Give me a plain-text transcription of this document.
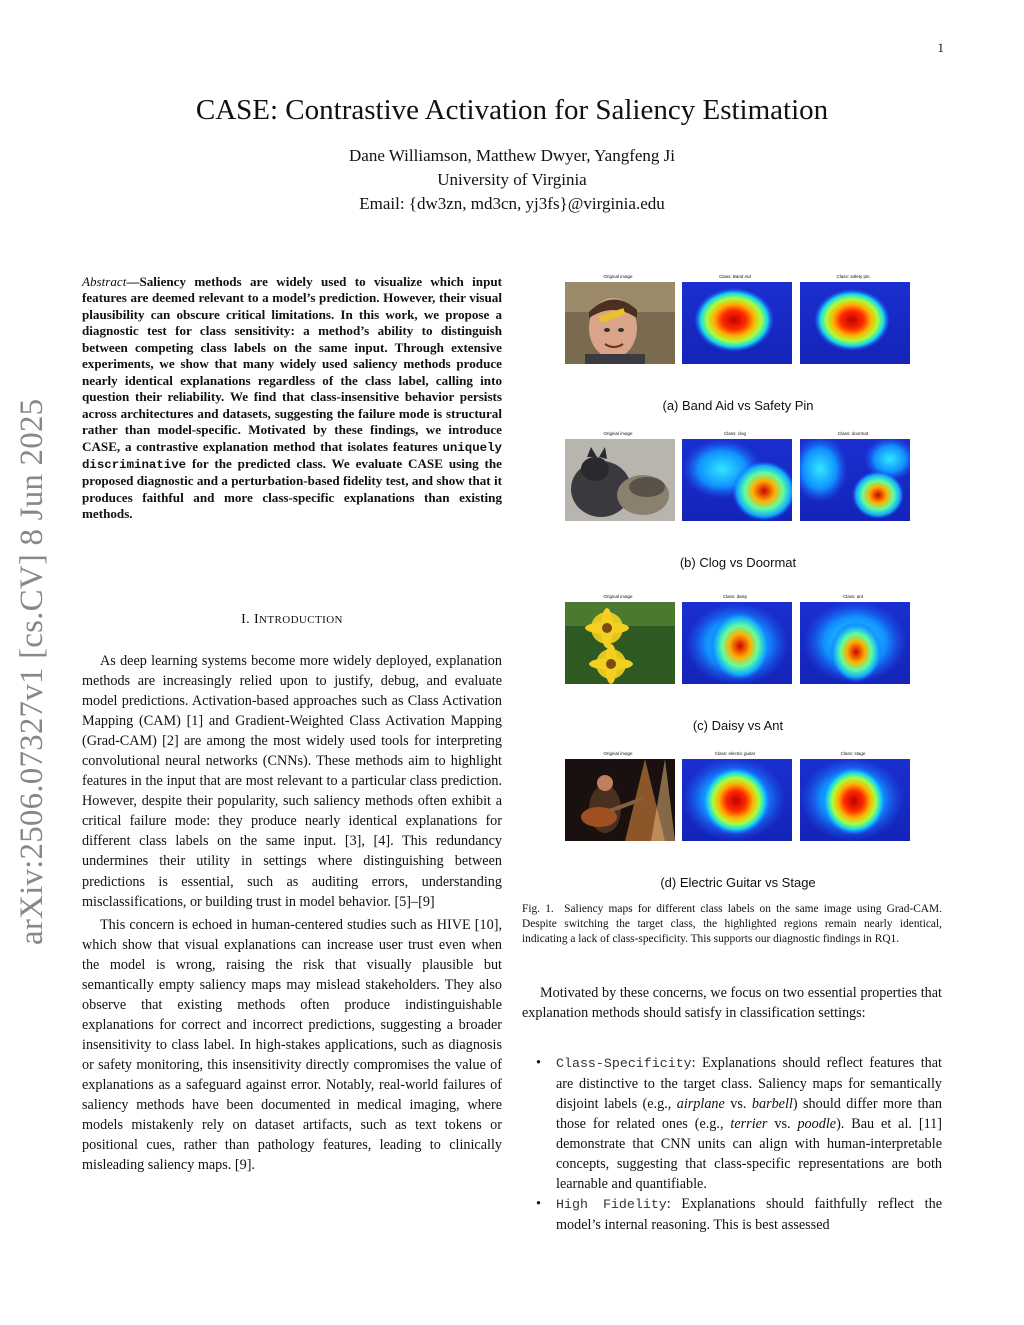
1
arXiv:2506.07327v1 [cs.CV] 8 Jun 2025
CASE: Contrastive Activation for Saliency Estimation
Dane Williamson, Matthew Dwyer, Yangfeng Ji
University of Virginia
Email: {dw3zn, md3cn, yj3fs}@virginia.edu
Abstract—Saliency methods are widely used to visualize which input features are deemed relevant to a model’s prediction. However, their visual plausibility can obscure critical limitations. In this work, we propose a diagnostic test for class sensitivity: a method’s ability to distinguish between competing class labels on the same input. Through extensive experiments, we show that many widely used saliency methods produce nearly identical explanations regardless of the class label, calling into question their reliability. We find that class-insensitive behavior persists across architectures and datasets, suggesting the failure mode is structural rather than model-specific. Motivated by these findings, we introduce CASE, a contrastive explanation method that isolates features uniquely discriminative for the predicted class. We evaluate CASE using the proposed diagnostic and a perturbation-based fidelity test, and show that it produces faithful and more class-specific explanations than existing methods.
I. INTRODUCTION

As deep learning systems become more widely deployed, explanation methods are increasingly relied upon to justify, debug, and evaluate model predictions. Activation-based approaches such as Class Activation Mapping (CAM) [1] and Gradient-Weighted Class Activation Mapping (Grad-CAM) [2] are among the most widely used tools for interpreting convolutional neural networks (CNNs). These methods aim to highlight features in the input that are most relevant to a particular class prediction. However, despite their popularity, such saliency methods often exhibit a critical failure mode: they produce nearly identical explanations for different class labels on the same input. [3], [4]. This redundancy undermines their utility in settings where distinguishing between predictions is essential, such as auditing errors, understanding misclassifications, or building trust in model behavior. [5]–[9]

This concern is echoed in human-centered studies such as HIVE [10], which show that visual explanations can increase user trust even when the model is wrong, raising the risk that visually plausible but semantically empty saliency maps may mislead stakeholders. They also observe that existing methods often produce indistinguishable explanations for correct and incorrect predictions, suggesting a broader insensitivity to class label. In high-stakes applications, such as diagnosis or safety monitoring, this insensitivity directly compromises the value of explanations as a safeguard against error. Notably, real-world failures of saliency methods have been documented in medical imaging, where models mistakenly rely on dataset artifacts, such as text tokens or positional cues, rather than pathology features, leading to clinically misleading saliency maps. [9].

Original image	Class: Band Aid	Class: safety pin
(a) Band Aid vs Safety Pin
Original image	Class: clog	Class: doormat
(b) Clog vs Doormat
Original image	Class: daisy	Class: ant
(c) Daisy vs Ant
Original image	Class: electric guitar	Class: stage
(d) Electric Guitar vs Stage
Fig. 1. Saliency maps for different class labels on the same image using Grad-CAM. Despite switching the target class, the highlighted regions remain nearly identical, indicating a lack of class-specificity. This supports our diagnostic findings in RQ1.

Motivated by these concerns, we focus on two essential properties that explanation methods should satisfy in classification settings:

• Class-Specificity: Explanations should reflect features that are distinctive to the target class. Saliency maps for semantically disjoint labels (e.g., airplane vs. barbell) should differ more than those for related ones (e.g., terrier vs. poodle). Bau et al. [11] demonstrate that CNN units can align with human-interpretable concepts, suggesting that class-specific representations are both learnable and quantifiable.
• High Fidelity: Explanations should faithfully reflect the model’s internal reasoning. This is best assessed
